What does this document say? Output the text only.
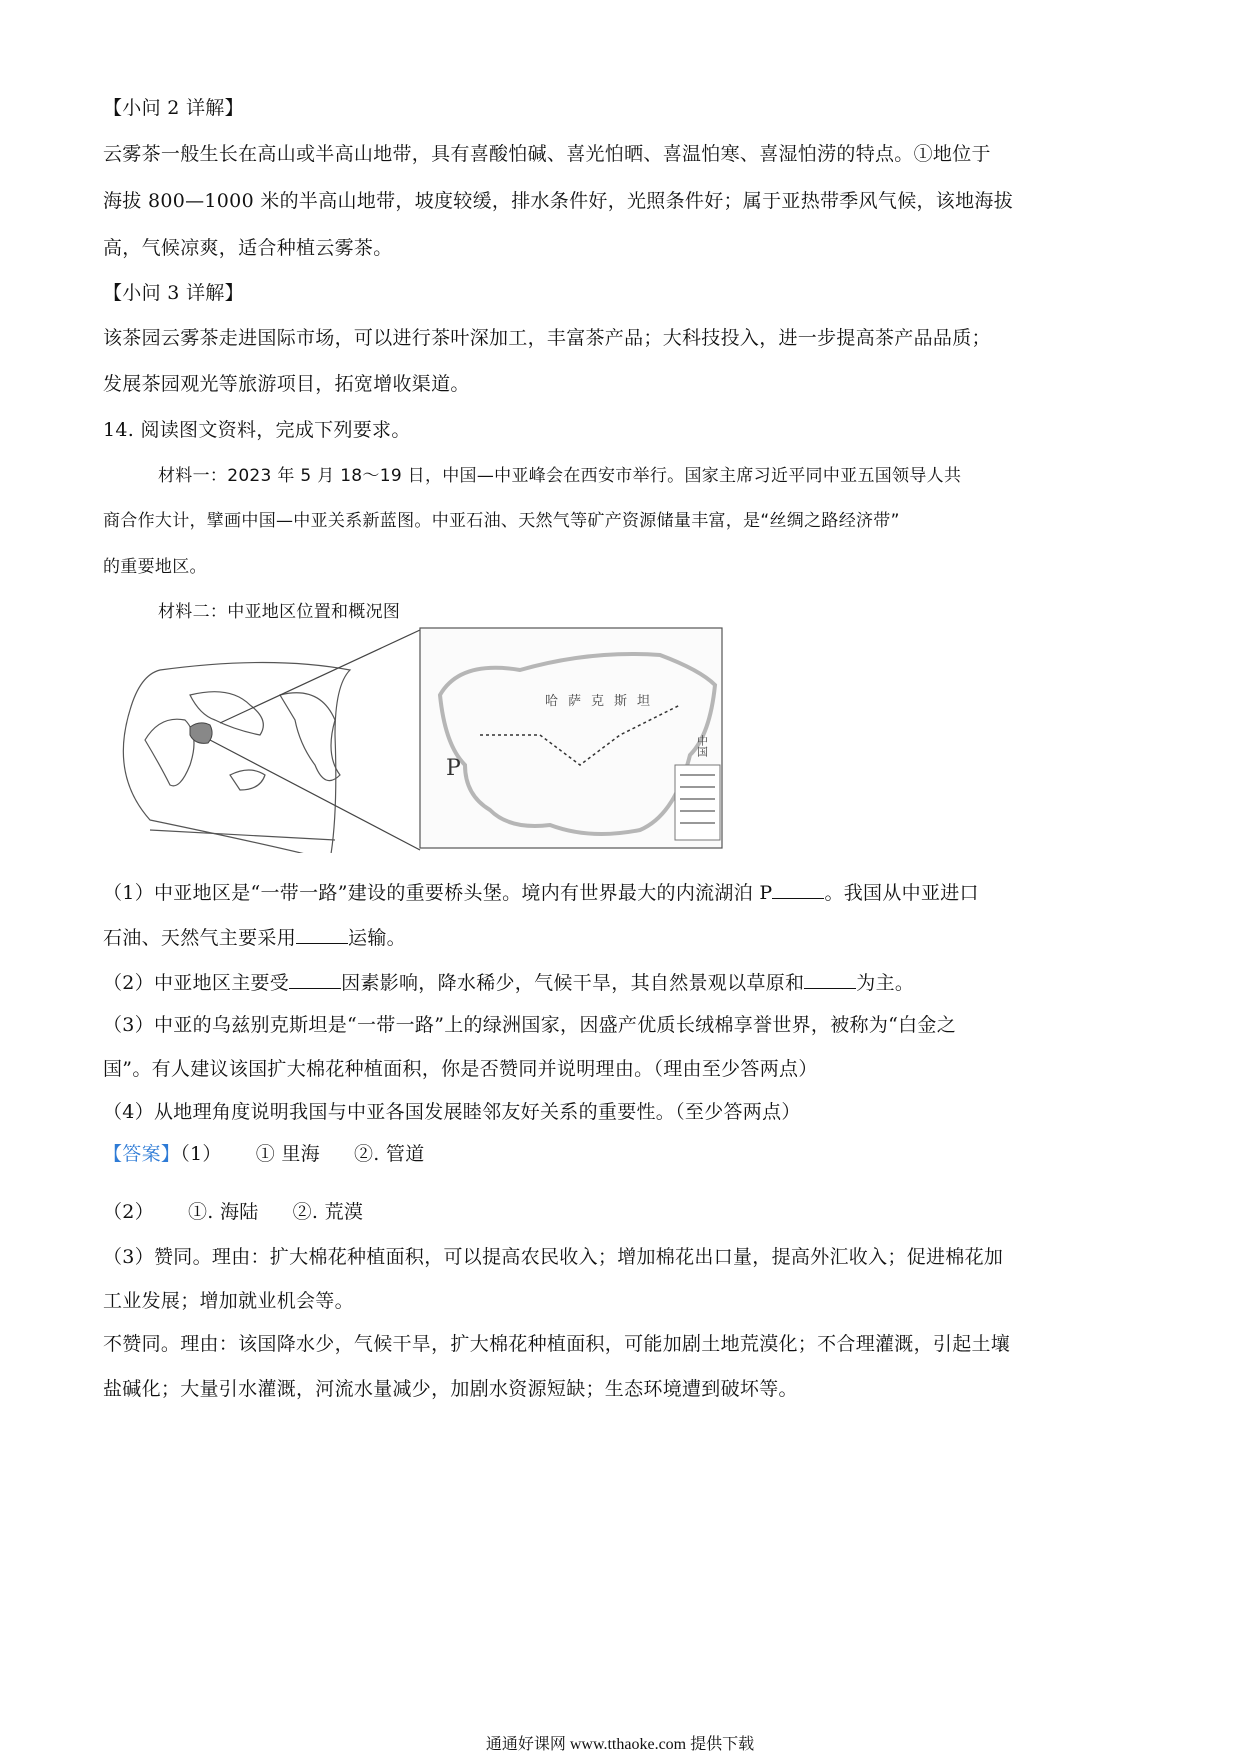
【小问 2 详解】
云雾茶一般生长在高山或半高山地带，具有喜酸怕碱、喜光怕晒、喜温怕寒、喜湿怕涝的特点。①地位于
海拔 800—1000 米的半高山地带，坡度较缓，排水条件好，光照条件好；属于亚热带季风气候，该地海拔
高，气候凉爽，适合种植云雾茶。
【小问 3 详解】
该茶园云雾茶走进国际市场，可以进行茶叶深加工，丰富茶产品；大科技投入，进一步提高茶产品品质；
发展茶园观光等旅游项目，拓宽增收渠道。
14. 阅读图文资料，完成下列要求。
材料一：2023 年 5 月 18～19 日，中国—中亚峰会在西安市举行。国家主席习近平同中亚五国领导人共
商合作大计，擘画中国—中亚关系新蓝图。中亚石油、天然气等矿产资源储量丰富，是“丝绸之路经济带”
的重要地区。
材料二：中亚地区位置和概况图
哈萨克斯坦
P
中国
（1）中亚地区是“一带一路”建设的重要桥头堡。境内有世界最大的内流湖泊 P	。我国从中亚进口
石油、天然气主要采用	运输。
（2）中亚地区主要受	因素影响，降水稀少，气候干旱，其自然景观以草原和	为主。
（3）中亚的乌兹别克斯坦是“一带一路”上的绿洲国家，因盛产优质长绒棉享誉世界，被称为“白金之
国”。有人建议该国扩大棉花种植面积，你是否赞同并说明理由。（理由至少答两点）
（4）从地理角度说明我国与中亚各国发展睦邻友好关系的重要性。（至少答两点）
【答案】（1） ① 里海 ②. 管道
（2） ①. 海陆 ②. 荒漠
（3）赞同。理由：扩大棉花种植面积，可以提高农民收入；增加棉花出口量，提高外汇收入；促进棉花加
工业发展；增加就业机会等。
不赞同。理由：该国降水少，气候干旱，扩大棉花种植面积，可能加剧土地荒漠化；不合理灌溉，引起土壤
盐碱化；大量引水灌溉，河流水量减少，加剧水资源短缺；生态环境遭到破坏等。
通通好课网 www.tthaoke.com 提供下载
